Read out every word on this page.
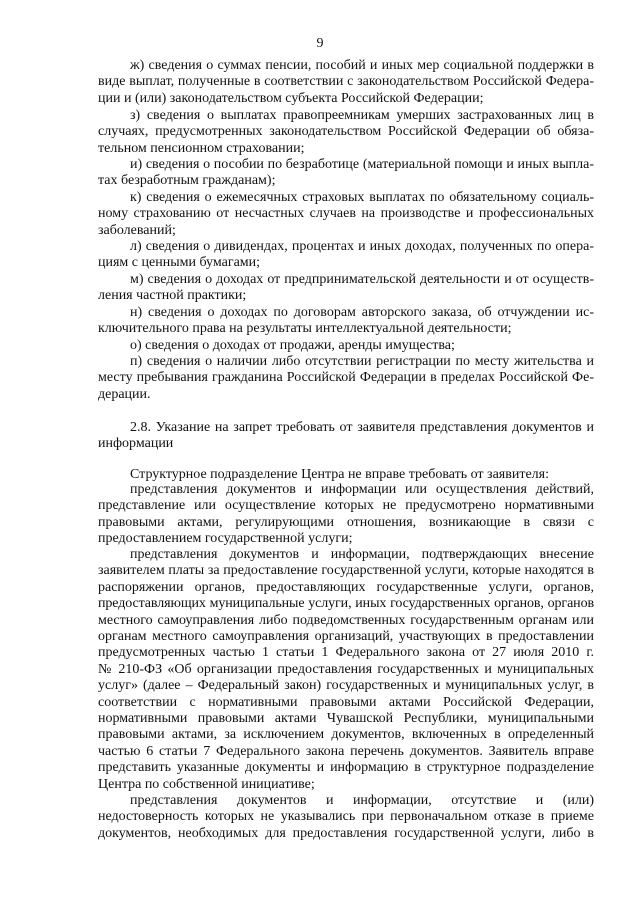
9
ж) сведения о суммах пенсии, пособий и иных мер социальной поддержки в
виде выплат, полученные в соответствии с законодательством Российской Федера-
ции и (или) законодательством субъекта Российской Федерации;
з) сведения о выплатах правопреемникам умерших застрахованных лиц в
случаях, предусмотренных законодательством Российской Федерации об обяза-
тельном пенсионном страховании;
и) сведения о пособии по безработице (материальной помощи и иных выпла-
тах безработным гражданам);
к) сведения о ежемесячных страховых выплатах по обязательному социаль-
ному страхованию от несчастных случаев на производстве и профессиональных
заболеваний;
л) сведения о дивидендах, процентах и иных доходах, полученных по опера-
циям с ценными бумагами;
м) сведения о доходах от предпринимательской деятельности и от осуществ-
ления частной практики;
н) сведения о доходах по договорам авторского заказа, об отчуждении ис-
ключительного права на результаты интеллектуальной деятельности;
о) сведения о доходах от продажи, аренды имущества;
п) сведения о наличии либо отсутствии регистрации по месту жительства и
месту пребывания гражданина Российской Федерации в пределах Российской Фе-
дерации.
2.8. Указание на запрет требовать от заявителя представления документов и
информации
Структурное подразделение Центра не вправе требовать от заявителя:
представления документов и информации или осуществления действий,
представление или осуществление которых не предусмотрено нормативными
правовыми актами, регулирующими отношения, возникающие в связи с
предоставлением государственной услуги;
представления документов и информации, подтверждающих внесение
заявителем платы за предоставление государственной услуги, которые находятся в
распоряжении органов, предоставляющих государственные услуги, органов,
предоставляющих муниципальные услуги, иных государственных органов, органов
местного самоуправления либо подведомственных государственным органам или
органам местного самоуправления организаций, участвующих в предоставлении
предусмотренных частью 1 статьи 1 Федерального закона от 27 июля 2010 г.
№ 210-ФЗ «Об организации предоставления государственных и муниципальных
услуг» (далее – Федеральный закон) государственных и муниципальных услуг, в
соответствии с нормативными правовыми актами Российской Федерации,
нормативными правовыми актами Чувашской Республики, муниципальными
правовыми актами, за исключением документов, включенных в определенный
частью 6 статьи 7 Федерального закона перечень документов. Заявитель вправе
представить указанные документы и информацию в структурное подразделение
Центра по собственной инициативе;
представления документов и информации, отсутствие и (или)
недостоверность которых не указывались при первоначальном отказе в приеме
документов, необходимых для предоставления государственной услуги, либо в
